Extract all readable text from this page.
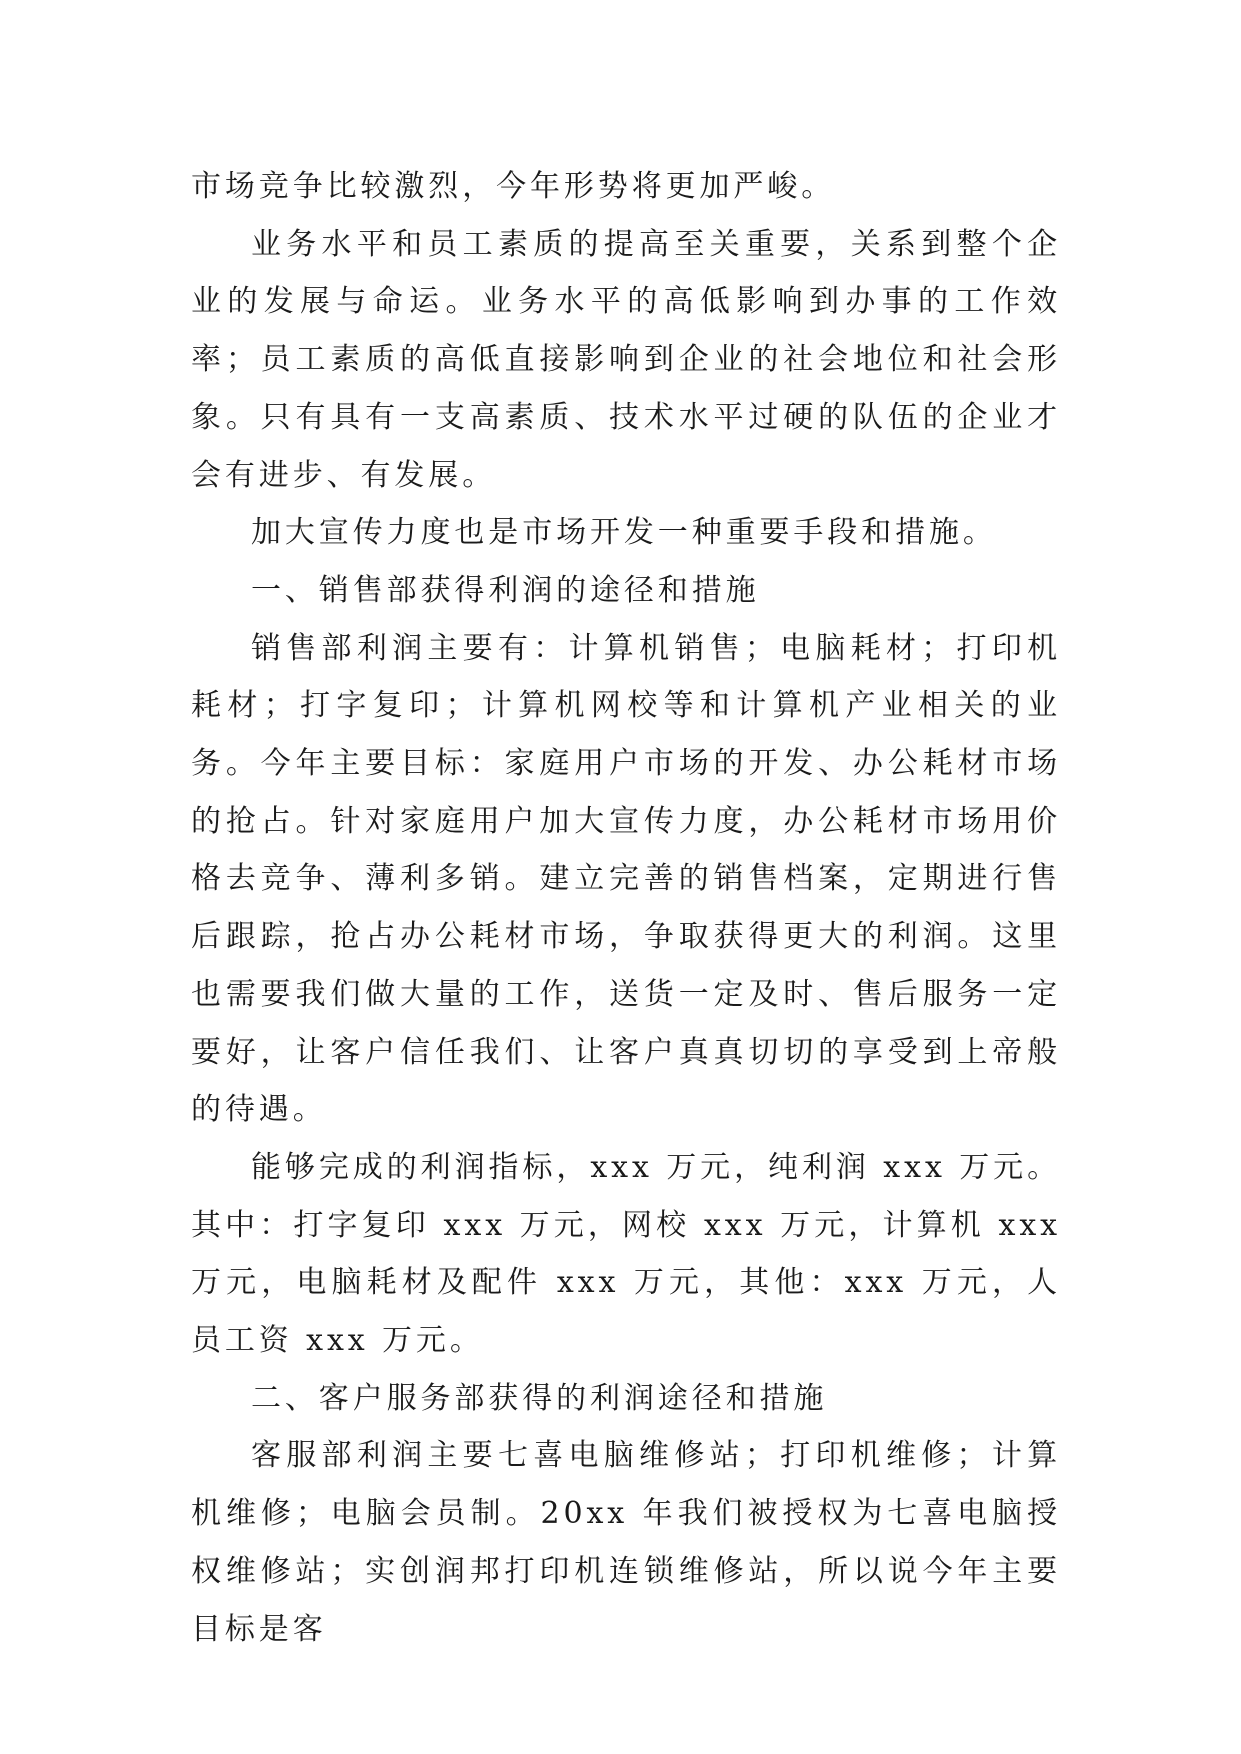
市场竞争比较激烈，今年形势将更加严峻。

业务水平和员工素质的提高至关重要，关系到整个企业的发展与命运。业务水平的高低影响到办事的工作效率；员工素质的高低直接影响到企业的社会地位和社会形象。只有具有一支高素质、技术水平过硬的队伍的企业才会有进步、有发展。

加大宣传力度也是市场开发一种重要手段和措施。

一、销售部获得利润的途径和措施

销售部利润主要有：计算机销售；电脑耗材；打印机耗材；打字复印；计算机网校等和计算机产业相关的业务。今年主要目标：家庭用户市场的开发、办公耗材市场的抢占。针对家庭用户加大宣传力度，办公耗材市场用价格去竞争、薄利多销。建立完善的销售档案，定期进行售后跟踪，抢占办公耗材市场，争取获得更大的利润。这里也需要我们做大量的工作，送货一定及时、售后服务一定要好，让客户信任我们、让客户真真切切的享受到上帝般的待遇。

能够完成的利润指标，xxx 万元，纯利润 xxx 万元。其中：打字复印 xxx 万元，网校 xxx 万元，计算机 xxx 万元，电脑耗材及配件 xxx 万元，其他：xxx 万元，人员工资 xxx 万元。

二、客户服务部获得的利润途径和措施

客服部利润主要七喜电脑维修站；打印机维修；计算机维修；电脑会员制。20xx 年我们被授权为七喜电脑授权维修站；实创润邦打印机连锁维修站，所以说今年主要目标是客
